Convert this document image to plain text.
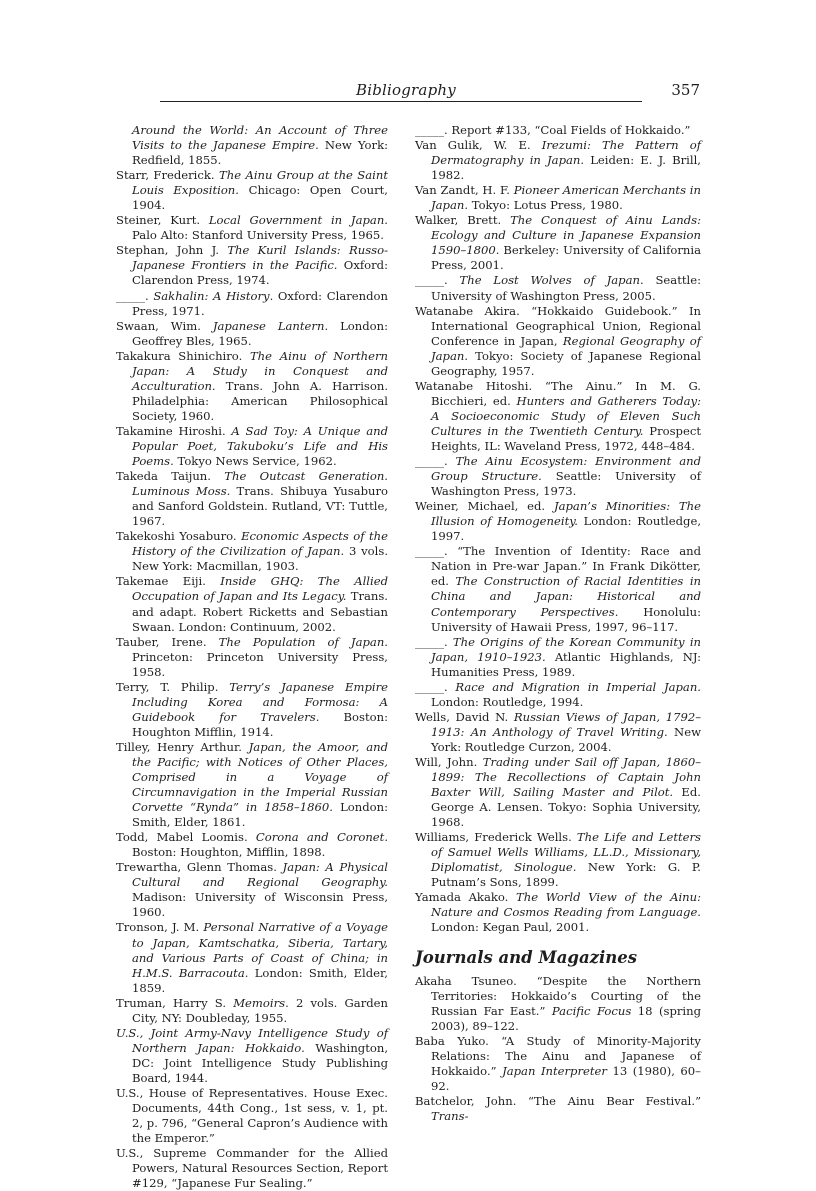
Bibliography	357

Around the World: An Account of Three Visits to the Japanese Empire. New York: Redfield, 1855.

Starr, Frederick. The Ainu Group at the Saint Louis Exposition. Chicago: Open Court, 1904.

Steiner, Kurt. Local Government in Japan. Palo Alto: Stanford University Press, 1965.

Stephan, John J. The Kuril Islands: Russo-Japanese Frontiers in the Pacific. Oxford: Clarendon Press, 1974.

_____. Sakhalin: A History. Oxford: Clarendon Press, 1971.

Swaan, Wim. Japanese Lantern. London: Geoffrey Bles, 1965.

Takakura Shinichiro. The Ainu of Northern Japan: A Study in Conquest and Acculturation. Trans. John A. Harrison. Philadelphia: American Philosophical Society, 1960.

Takamine Hiroshi. A Sad Toy: A Unique and Popular Poet, Takuboku’s Life and His Poems. Tokyo News Service, 1962.

Takeda Taijun. The Outcast Generation. Luminous Moss. Trans. Shibuya Yusaburo and Sanford Goldstein. Rutland, VT: Tuttle, 1967.

Takekoshi Yosaburo. Economic Aspects of the History of the Civilization of Japan. 3 vols. New York: Macmillan, 1903.

Takemae Eiji. Inside GHQ: The Allied Occupation of Japan and Its Legacy. Trans. and adapt. Robert Ricketts and Sebastian Swaan. London: Continuum, 2002.

Tauber, Irene. The Population of Japan. Princeton: Princeton University Press, 1958.

Terry, T. Philip. Terry’s Japanese Empire Including Korea and Formosa: A Guidebook for Travelers. Boston: Houghton Mifflin, 1914.

Tilley, Henry Arthur. Japan, the Amoor, and the Pacific; with Notices of Other Places, Comprised in a Voyage of Circumnavigation in the Imperial Russian Corvette “Rynda” in 1858–1860. London: Smith, Elder, 1861.

Todd, Mabel Loomis. Corona and Coronet. Boston: Houghton, Mifflin, 1898.

Trewartha, Glenn Thomas. Japan: A Physical Cultural and Regional Geography. Madison: University of Wisconsin Press, 1960.

Tronson, J. M. Personal Narrative of a Voyage to Japan, Kamtschatka, Siberia, Tartary, and Various Parts of Coast of China; in H.M.S. Barracouta. London: Smith, Elder, 1859.

Truman, Harry S. Memoirs. 2 vols. Garden City, NY: Doubleday, 1955.

U.S., Joint Army-Navy Intelligence Study of Northern Japan: Hokkaido. Washington, DC: Joint Intelligence Study Publishing Board, 1944.

U.S., House of Representatives. House Exec. Documents, 44th Cong., 1st sess, v. 1, pt. 2, p. 796, “General Capron’s Audience with the Emperor.”

U.S., Supreme Commander for the Allied Powers, Natural Resources Section, Report #129, “Japanese Fur Sealing.”

_____. Report #133, “Coal Fields of Hokkaido.”

Van Gulik, W. E. Irezumi: The Pattern of Dermatography in Japan. Leiden: E. J. Brill, 1982.

Van Zandt, H. F. Pioneer American Merchants in Japan. Tokyo: Lotus Press, 1980.

Walker, Brett. The Conquest of Ainu Lands: Ecology and Culture in Japanese Expansion 1590–1800. Berkeley: University of California Press, 2001.

_____. The Lost Wolves of Japan. Seattle: University of Washington Press, 2005.

Watanabe Akira. “Hokkaido Guidebook.” In International Geographical Union, Regional Conference in Japan, Regional Geography of Japan. Tokyo: Society of Japanese Regional Geography, 1957.

Watanabe Hitoshi. “The Ainu.” In M. G. Bicchieri, ed. Hunters and Gatherers Today: A Socioeconomic Study of Eleven Such Cultures in the Twentieth Century. Prospect Heights, IL: Waveland Press, 1972, 448–484.

_____. The Ainu Ecosystem: Environment and Group Structure. Seattle: University of Washington Press, 1973.

Weiner, Michael, ed. Japan’s Minorities: The Illusion of Homogeneity. London: Routledge, 1997.

_____. “The Invention of Identity: Race and Nation in Pre-war Japan.” In Frank Dikötter, ed. The Construction of Racial Identities in China and Japan: Historical and Contemporary Perspectives. Honolulu: University of Hawaii Press, 1997, 96–117.

_____. The Origins of the Korean Community in Japan, 1910–1923. Atlantic Highlands, NJ: Humanities Press, 1989.

_____. Race and Migration in Imperial Japan. London: Routledge, 1994.

Wells, David N. Russian Views of Japan, 1792–1913: An Anthology of Travel Writing. New York: Routledge Curzon, 2004.

Will, John. Trading under Sail off Japan, 1860–1899: The Recollections of Captain John Baxter Will, Sailing Master and Pilot. Ed. George A. Lensen. Tokyo: Sophia University, 1968.

Williams, Frederick Wells. The Life and Letters of Samuel Wells Williams, LL.D., Missionary, Diplomatist, Sinologue. New York: G. P. Putnam’s Sons, 1899.

Yamada Akako. The World View of the Ainu: Nature and Cosmos Reading from Language. London: Kegan Paul, 2001.

Journals and Magazines

Akaha Tsuneo. “Despite the Northern Territories: Hokkaido’s Courting of the Russian Far East.” Pacific Focus 18 (spring 2003), 89–122.

Baba Yuko. “A Study of Minority-Majority Relations: The Ainu and Japanese of Hokkaido.” Japan Interpreter 13 (1980), 60–92.

Batchelor, John. “The Ainu Bear Festival.” Trans-
